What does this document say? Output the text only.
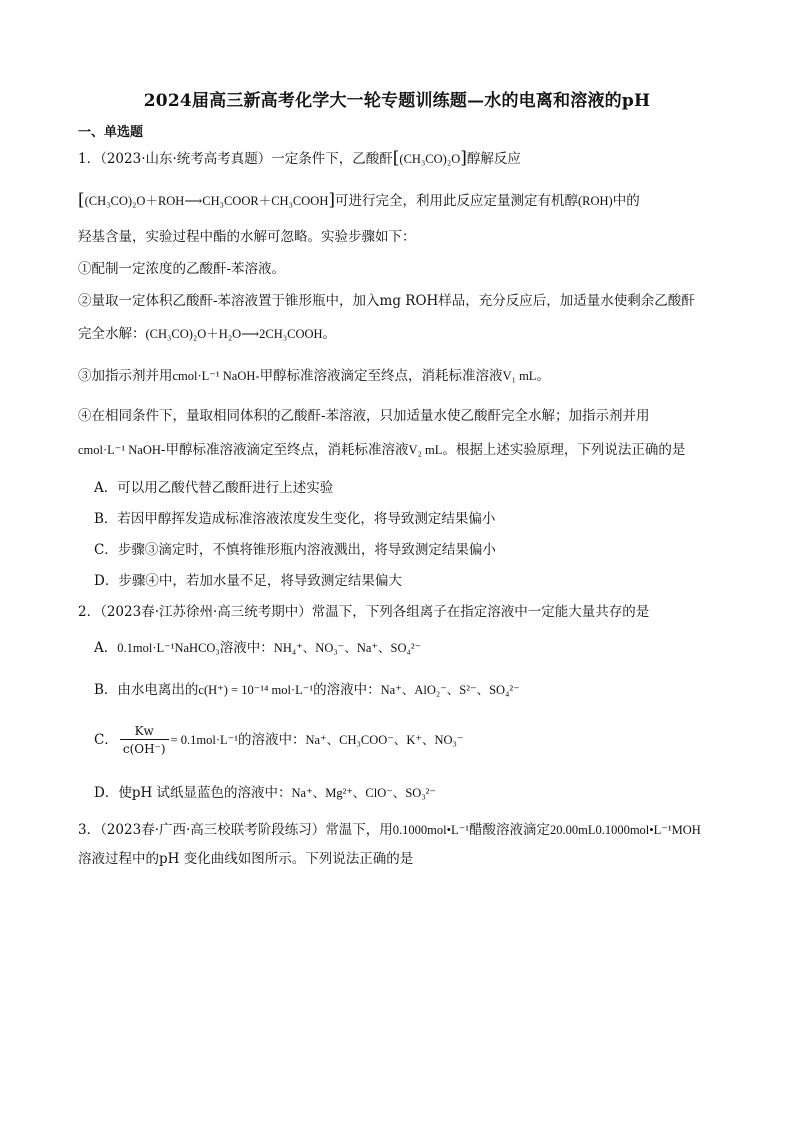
2024届高三新高考化学大一轮专题训练题—水的电离和溶液的pH
一、单选题
1．（2023·山东·统考高考真题）一定条件下，乙酸酐[(CH₃CO)₂O]醇解反应
[(CH₃CO)₂O＋ROH⟶CH₃COOR＋CH₃COOH]可进行完全，利用此反应定量测定有机醇(ROH)中的
羟基含量，实验过程中酯的水解可忽略。实验步骤如下：
①配制一定浓度的乙酸酐-苯溶液。
②量取一定体积乙酸酐-苯溶液置于锥形瓶中，加入mg ROH样品，充分反应后，加适量水使剩余乙酸酐
完全水解：(CH₃CO)₂O＋H₂O⟶2CH₃COOH。
③加指示剂并用cmol·L⁻¹ NaOH-甲醇标准溶液滴定至终点，消耗标准溶液V₁ mL。
④在相同条件下，量取相同体积的乙酸酐-苯溶液，只加适量水使乙酸酐完全水解；加指示剂并用
cmol·L⁻¹ NaOH-甲醇标准溶液滴定至终点，消耗标准溶液V₂ mL。根据上述实验原理，下列说法正确的是
A．可以用乙酸代替乙酸酐进行上述实验
B．若因甲醇挥发造成标准溶液浓度发生变化，将导致测定结果偏小
C．步骤③滴定时，不慎将锥形瓶内溶液溅出，将导致测定结果偏小
D．步骤④中，若加水量不足，将导致测定结果偏大
2．（2023春·江苏徐州·高三统考期中）常温下，下列各组离子在指定溶液中一定能大量共存的是
A．0.1mol·L⁻¹NaHCO₃溶液中：NH₄⁺、NO₃⁻、Na⁺、SO₄²⁻
B．由水电离出的c(H⁺) = 10⁻¹⁴ mol·L⁻¹的溶液中：Na⁺、AlO₂⁻、S²⁻、SO₄²⁻
C． $\frac{Kw}{c(OH^-)} = 0.1mol\cdot L^{-1}$的溶液中：Na⁺、CH₃COO⁻、K⁺、NO₃⁻
D．使pH 试纸显蓝色的溶液中：Na⁺、Mg²⁺、ClO⁻、SO₃²⁻
3．（2023春·广西·高三校联考阶段练习）常温下，用0.1000mol•L⁻¹醋酸溶液滴定20.00mL0.1000mol•L⁻¹MOH
溶液过程中的pH 变化曲线如图所示。下列说法正确的是
